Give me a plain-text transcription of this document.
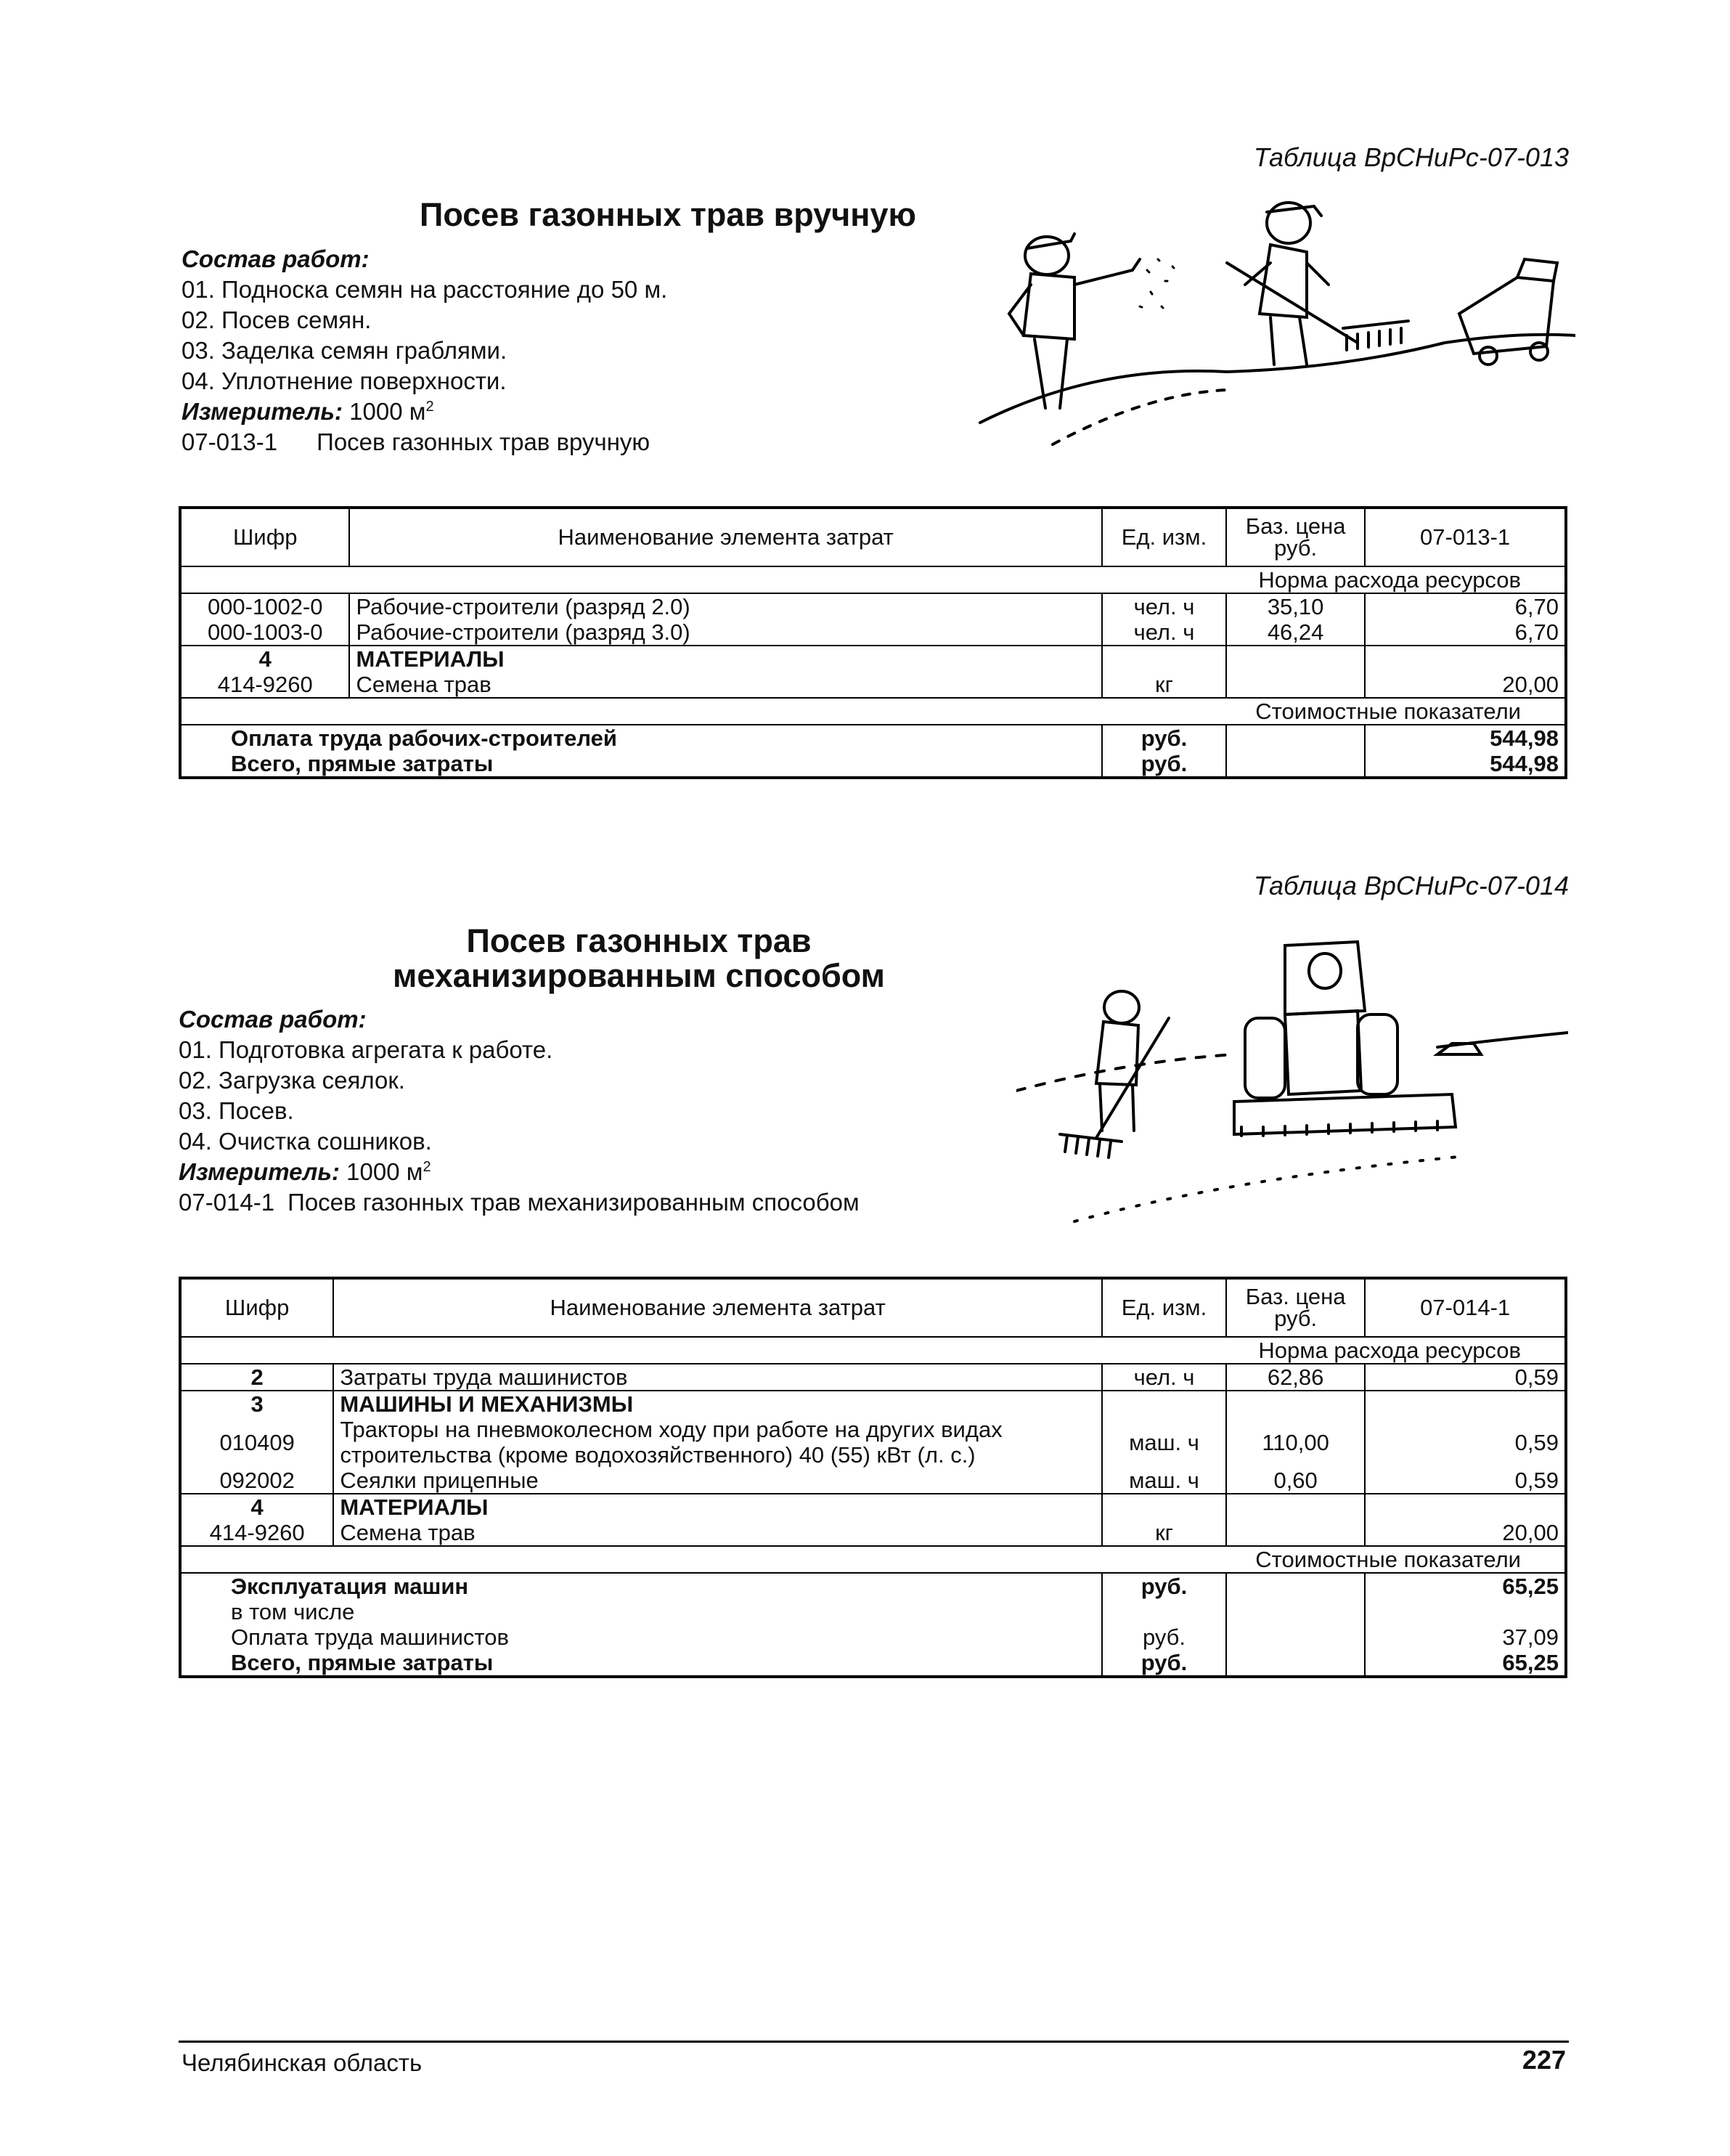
Таблица ВрСНиРс-07-013
Посев газонных трав вручную
Состав работ:
01. Подноска семян на расстояние до 50 м.
02. Посев семян.
03. Заделка семян граблями.
04. Уплотнение поверхности.
Измеритель: 1000 $м^2$
07-013-1 Посев газонных трав вручную
Шифр	Наименование элемента затрат	Ед. изм.	Баз. цена руб.	07-013-1
Норма расхода ресурсов				
000-1002-0	Рабочие-строители (разряд 2.0)	чел. ч	35,10	6,70
000-1003-0	Рабочие-строители (разряд 3.0)	чел. ч	46,24	6,70
4	МАТЕРИАЛЫ			
414-9260	Семена трав	кг		20,00
Стоимостные показатели				
Оплата труда рабочих-строителей		руб.		544,98
Всего, прямые затраты		руб.		544,98
Таблица ВрСНиРс-07-014
Посев газонных трав
механизированным способом
Состав работ:
01. Подготовка агрегата к работе.
02. Загрузка сеялок.
03. Посев.
04. Очистка сошников.
Измеритель: 1000 $м^2$
07-014-1 Посев газонных трав механизированным способом
Шифр	Наименование элемента затрат	Ед. изм.	Баз. цена руб.	07-014-1
Норма расхода ресурсов				
2	Затраты труда машинистов	чел. ч	62,86	0,59
3	МАШИНЫ И МЕХАНИЗМЫ			
010409	Тракторы на пневмоколесном ходу при работе на других видах
строительства (кроме водохозяйственного) 40 (55) кВт (л. с.)	маш. ч	110,00	0,59
092002	Сеялки прицепные	маш. ч	0,60	0,59
4	МАТЕРИАЛЫ			
414-9260	Семена трав	кг		20,00
Стоимостные показатели				
Эксплуатация машин		руб.		65,25
в том числе				
Оплата труда машинистов		руб.		37,09
Всего, прямые затраты		руб.		65,25
Челябинская область	227
